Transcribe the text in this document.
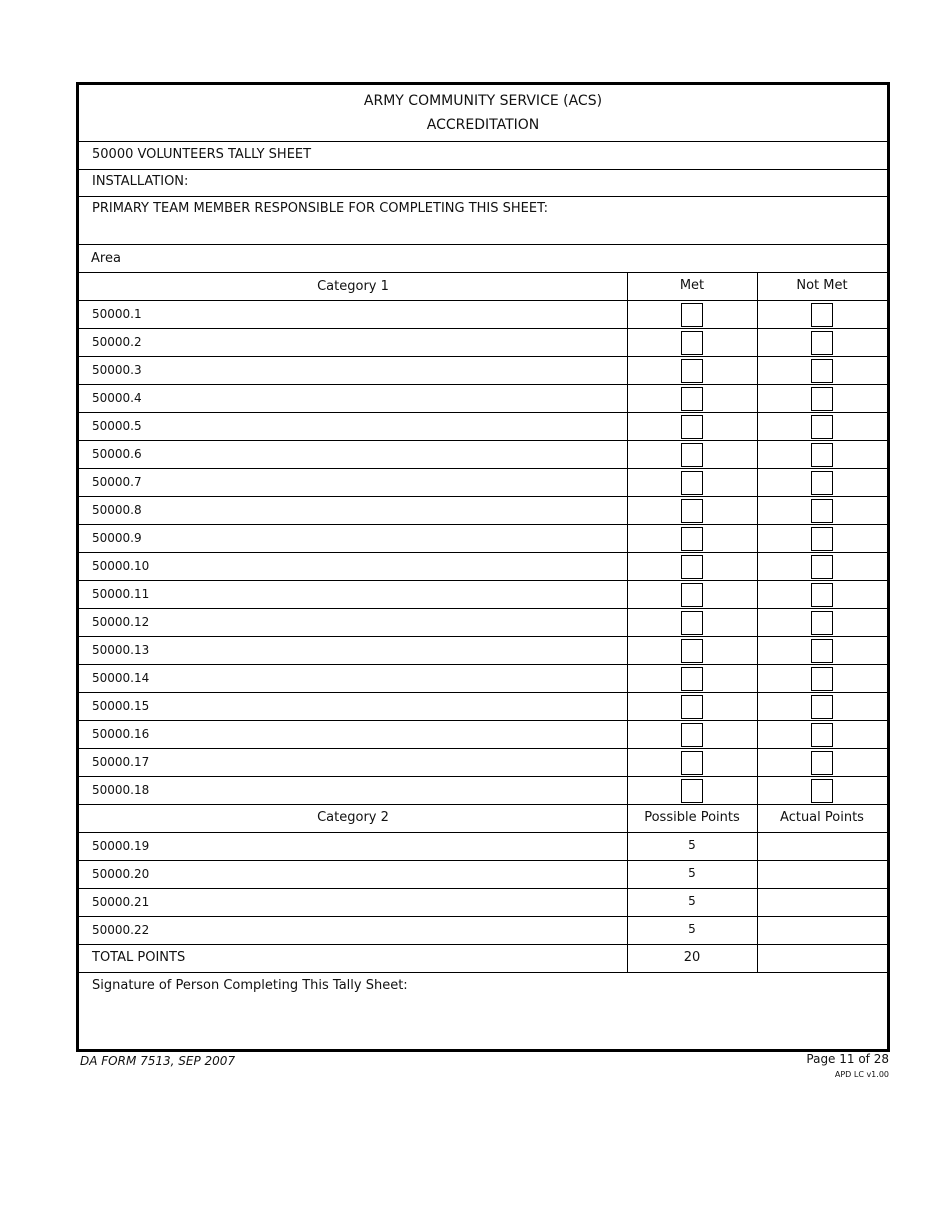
ARMY COMMUNITY SERVICE (ACS)
ACCREDITATION
50000 VOLUNTEERS TALLY SHEET
INSTALLATION:
PRIMARY TEAM MEMBER RESPONSIBLE FOR COMPLETING THIS SHEET:
Area
Category 1	Met	Not Met
50000.1
50000.2
50000.3
50000.4
50000.5
50000.6
50000.7
50000.8
50000.9
50000.10
50000.11
50000.12
50000.13
50000.14
50000.15
50000.16
50000.17
50000.18
Category 2	Possible Points	Actual Points
50000.19	5
50000.20	5
50000.21	5
50000.22	5
TOTAL POINTS	20
Signature of Person Completing This Tally Sheet:
DA FORM 7513, SEP 2007	Page 11 of 28
APD LC v1.00
